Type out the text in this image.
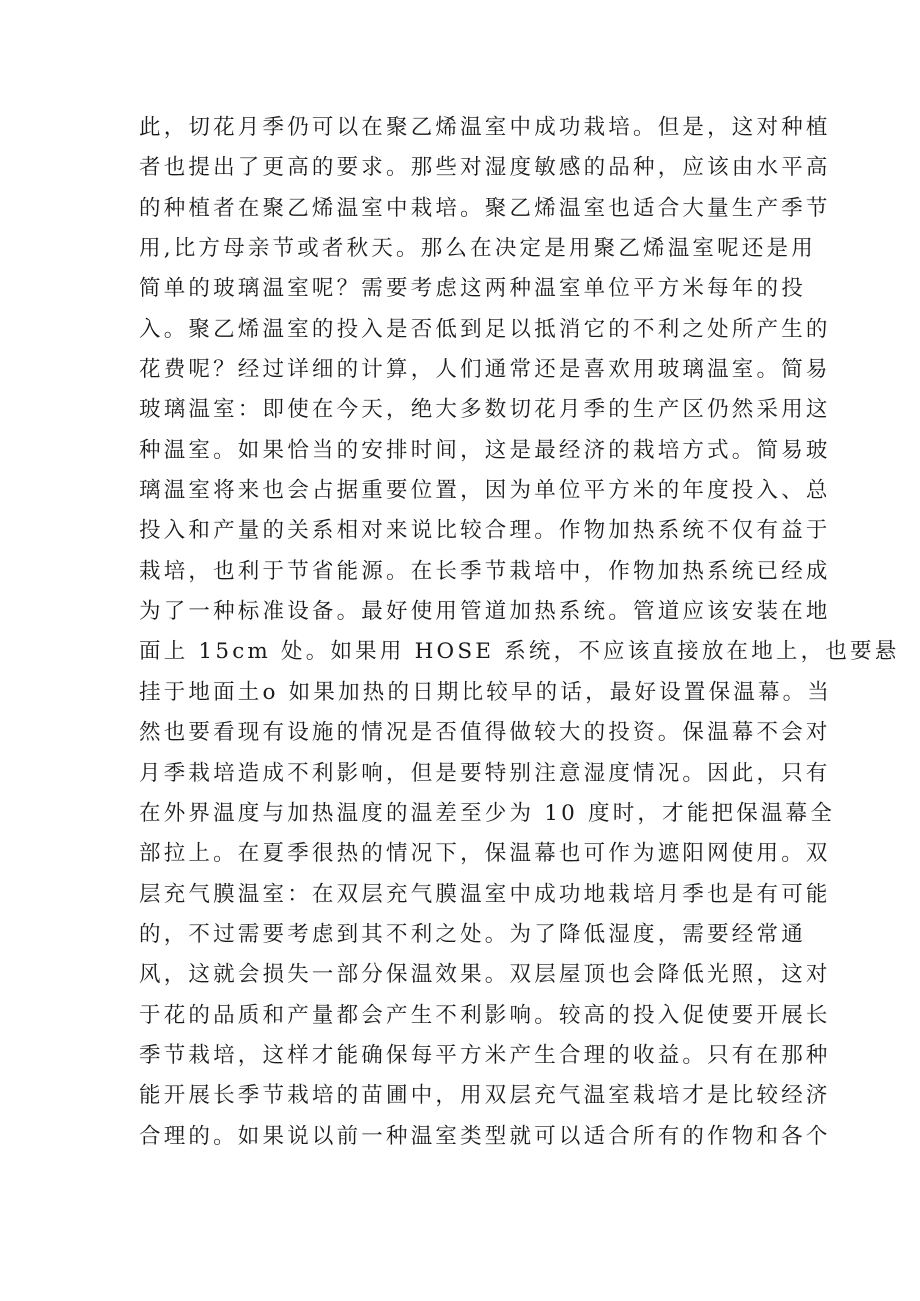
此，切花月季仍可以在聚乙烯温室中成功栽培。但是，这对种植
者也提出了更高的要求。那些对湿度敏感的品种，应该由水平高
的种植者在聚乙烯温室中栽培。聚乙烯温室也适合大量生产季节
用,比方母亲节或者秋天。那么在决定是用聚乙烯温室呢还是用
简单的玻璃温室呢？需要考虑这两种温室单位平方米每年的投
入。聚乙烯温室的投入是否低到足以抵消它的不利之处所产生的
花费呢？经过详细的计算，人们通常还是喜欢用玻璃温室。简易
玻璃温室：即使在今天，绝大多数切花月季的生产区仍然采用这
种温室。如果恰当的安排时间，这是最经济的栽培方式。简易玻
璃温室将来也会占据重要位置，因为单位平方米的年度投入、总
投入和产量的关系相对来说比较合理。作物加热系统不仅有益于
栽培，也利于节省能源。在长季节栽培中，作物加热系统已经成
为了一种标准设备。最好使用管道加热系统。管道应该安装在地
面上 15cm 处。如果用 HOSE 系统，不应该直接放在地上，也要悬
挂于地面土o 如果加热的日期比较早的话，最好设置保温幕。当
然也要看现有设施的情况是否值得做较大的投资。保温幕不会对
月季栽培造成不利影响，但是要特别注意湿度情况。因此，只有
在外界温度与加热温度的温差至少为 10 度时，才能把保温幕全
部拉上。在夏季很热的情况下，保温幕也可作为遮阳网使用。双
层充气膜温室：在双层充气膜温室中成功地栽培月季也是有可能
的，不过需要考虑到其不利之处。为了降低湿度，需要经常通
风，这就会损失一部分保温效果。双层屋顶也会降低光照，这对
于花的品质和产量都会产生不利影响。较高的投入促使要开展长
季节栽培，这样才能确保每平方米产生合理的收益。只有在那种
能开展长季节栽培的苗圃中，用双层充气温室栽培才是比较经济
合理的。如果说以前一种温室类型就可以适合所有的作物和各个
